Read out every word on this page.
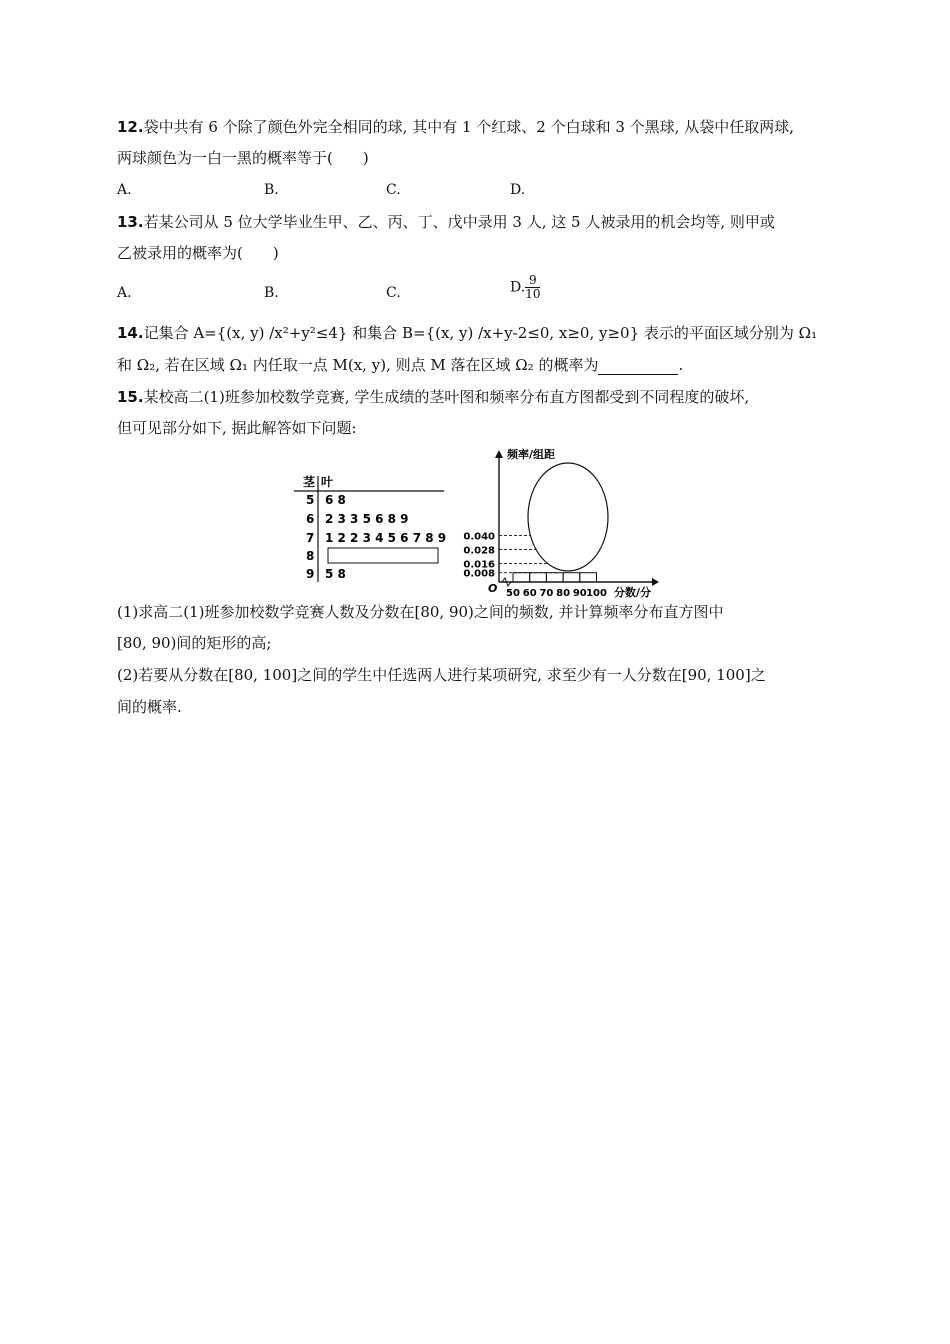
12.袋中共有 6 个除了颜色外完全相同的球, 其中有 1 个红球、2 个白球和 3 个黑球, 从袋中任取两球,
两球颜色为一白一黑的概率等于(　　)
A.	B.	C.	D.
13.若某公司从 5 位大学毕业生甲、乙、丙、丁、戊中录用 3 人, 这 5 人被录用的机会均等, 则甲或
乙被录用的概率为(　　)
A.	B.	C.	D. $\frac{9}{10}$
14.记集合 A={(x, y) /x²+y²≤4} 和集合 B={(x, y) /x+y-2≤0, x≥0, y≥0} 表示的平面区域分别为 Ω₁
和 Ω₂, 若在区域 Ω₁ 内任取一点 M(x, y), 则点 M 落在区域 Ω₂ 的概率为	.
15.某校高二(1)班参加校数学竞赛, 学生成绩的茎叶图和频率分布直方图都受到不同程度的破坏,
但可见部分如下, 据此解答如下问题:
茎 叶
5 6 8
6 2 3 3 5 6 8 9
7 1 2 2 3 4 5 6 7 8 9
8
9 5 8
频率/组距
分数/分
O
0.040
0.028
0.016
0.008
50 60 70 80 90 100
(1)求高二(1)班参加校数学竞赛人数及分数在[80, 90)之间的频数, 并计算频率分布直方图中
[80, 90)间的矩形的高;
(2)若要从分数在[80, 100]之间的学生中任选两人进行某项研究, 求至少有一人分数在[90, 100]之
间的概率.
